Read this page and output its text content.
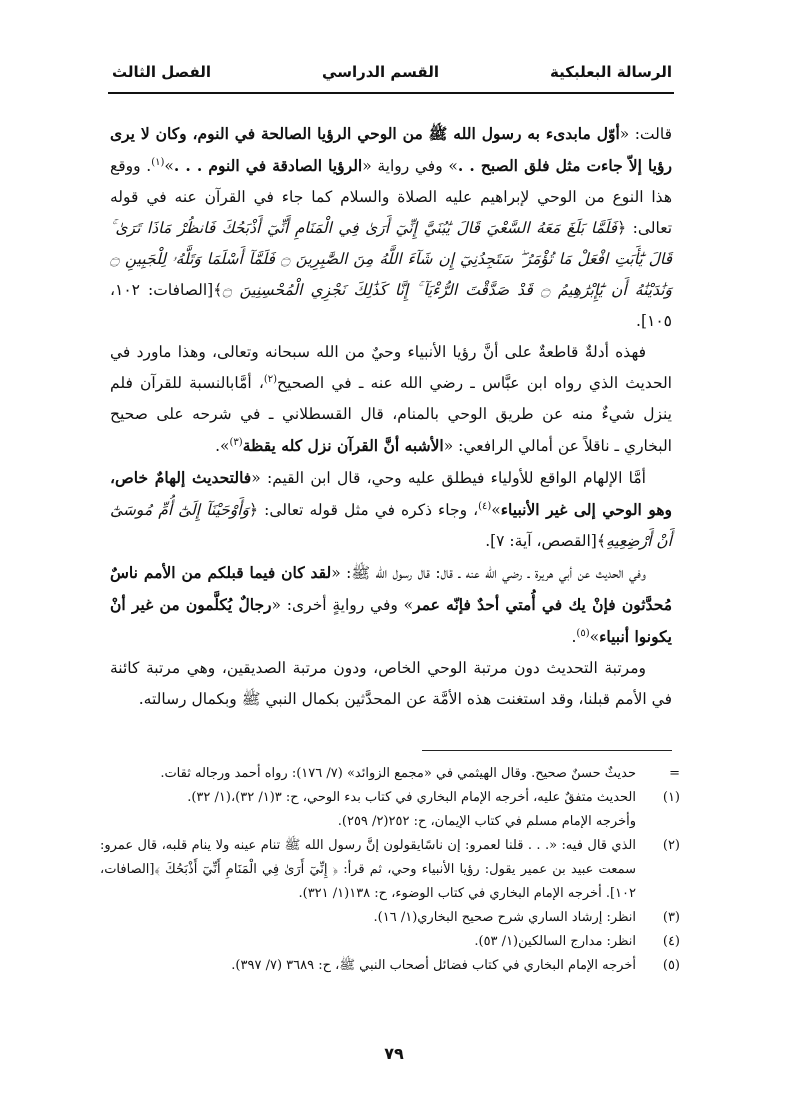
الرسالة البعلبكية
القسم الدراسي
الفصل الثالث

قالت: «أوّل مابدىء به رسول الله ﷺ من الوحي الرؤيا الصالحة في النوم، وكان لا يرى رؤيا إلاّ جاءت مثل فلق الصبح . .» وفي رواية «الرؤيا الصادقة في النوم . . .»$^{(١)}$. ووقع هذا النوع من الوحي لإبراهيم عليه الصلاة والسلام كما جاء في القرآن عنه في قوله تعالى: ﴿فَلَمَّا بَلَغَ مَعَهُ السَّعْيَ قَالَ يَٰبُنَيَّ إِنِّيٓ أَرَىٰ فِي الْمَنَامِ أَنِّيٓ أَذْبَحُكَ فَانظُرْ مَاذَا تَرَىٰ ۚ قَالَ يَٰٓأَبَتِ افْعَلْ مَا تُؤْمَرُ ۖ سَتَجِدُنِيٓ إِن شَآءَ اللَّهُ مِنَ الصَّٰبِرِينَ ۝ فَلَمَّآ أَسْلَمَا وَتَلَّهُۥ لِلْجَبِينِ ۝ وَنَٰدَيْنَٰهُ أَن يَٰٓإِبْرَٰهِيمُ ۝ قَدْ صَدَّقْتَ الرُّءْيَآ ۚ إِنَّا كَذَٰلِكَ نَجْزِي الْمُحْسِنِينَ ۝﴾[الصافات: ١٠٢، ١٠٥].

فهذه أدلةٌ قاطعةٌ على أنَّ رؤيا الأنبياء وحيٌ من الله سبحانه وتعالى، وهذا ماورد في الحديث الذي رواه ابن عبَّاس ـ رضي الله عنه ـ في الصحيح$^{(٢)}$، أمَّابالنسبة للقرآن فلم ينزل شيءٌ منه عن طريق الوحي بالمنام، قال القسطلاني ـ في شرحه على صحيح البخاري ـ ناقلاً عن أمالي الرافعي: «الأشبه أنَّ القرآن نزل كله يقظة$^{(٣)}$».

أمَّا الإلهام الواقع للأولياء فيطلق عليه وحي، قال ابن القيم: «فالتحديث إلهامٌ خاص، وهو الوحي إلى غير الأنبياء»$^{(٤)}$، وجاء ذكره في مثل قوله تعالى: ﴿وَأَوْحَيْنَآ إِلَىٰٓ أُمِّ مُوسَىٰٓ أَنْ أَرْضِعِيهِ﴾[القصص، آية: ٧].

وفي الحديث عن أبي هريرة ـ رضي الله عنه ـ قال: قال رسول الله ﷺ: «لقد كان فيما قبلكم من الأمم ناسٌ مُحدَّثون فإنْ يك في أُمتي أحدٌ فإنّه عمر» وفي روايةٍ أخرى: «رجالٌ يُكلَّمون من غير أنْ يكونوا أنبياء»$^{(٥)}$.

ومرتبة التحديث دون مرتبة الوحي الخاص، ودون مرتبة الصديقين، وهي مرتبة كائنة في الأمم قبلنا، وقد استغنت هذه الأمَّة عن المحدَّثين بكمال النبي ﷺ وبكمال رسالته.

=
حديثٌ حسنٌ صحيح. وقال الهيثمي في «مجمع الزوائد» (٧/ ١٧٦): رواه أحمد ورجاله ثقات.
(١)
الحديث متفقٌ عليه، أخرجه الإمام البخاري في كتاب بدء الوحي، ح: ٣(١/ ٣٢)،(١/ ٣٢).
وأخرجه الإمام مسلم في كتاب الإيمان، ح: ٢٥٢(٢/ ٢٥٩).
(٢)
الذي قال فيه: «. . . قلنا لعمرو: إن ناسًايقولون إنَّ رسول الله ﷺ تنام عينه ولا ينام قلبه، قال عمرو: سمعت عبيد بن عمير يقول: رؤيا الأنبياء وحي، ثم قرأ: ﴿ إِنِّيٓ أَرَىٰ فِي الْمَنَامِ أَنِّيٓ أَذْبَحُكَ ﴾[الصافات، ١٠٢]. أخرجه الإمام البخاري في كتاب الوضوء، ح: ١٣٨(١/ ٣٢١).
(٣)
انظر: إرشاد الساري شرح صحيح البخاري(١/ ١٦).
(٤)
انظر: مدارج السالكين(١/ ٥٣).
(٥)
أخرجه الإمام البخاري في كتاب فضائل أصحاب النبي ﷺ، ح: ٣٦٨٩ (٧/ ٣٩٧).
٧٩
